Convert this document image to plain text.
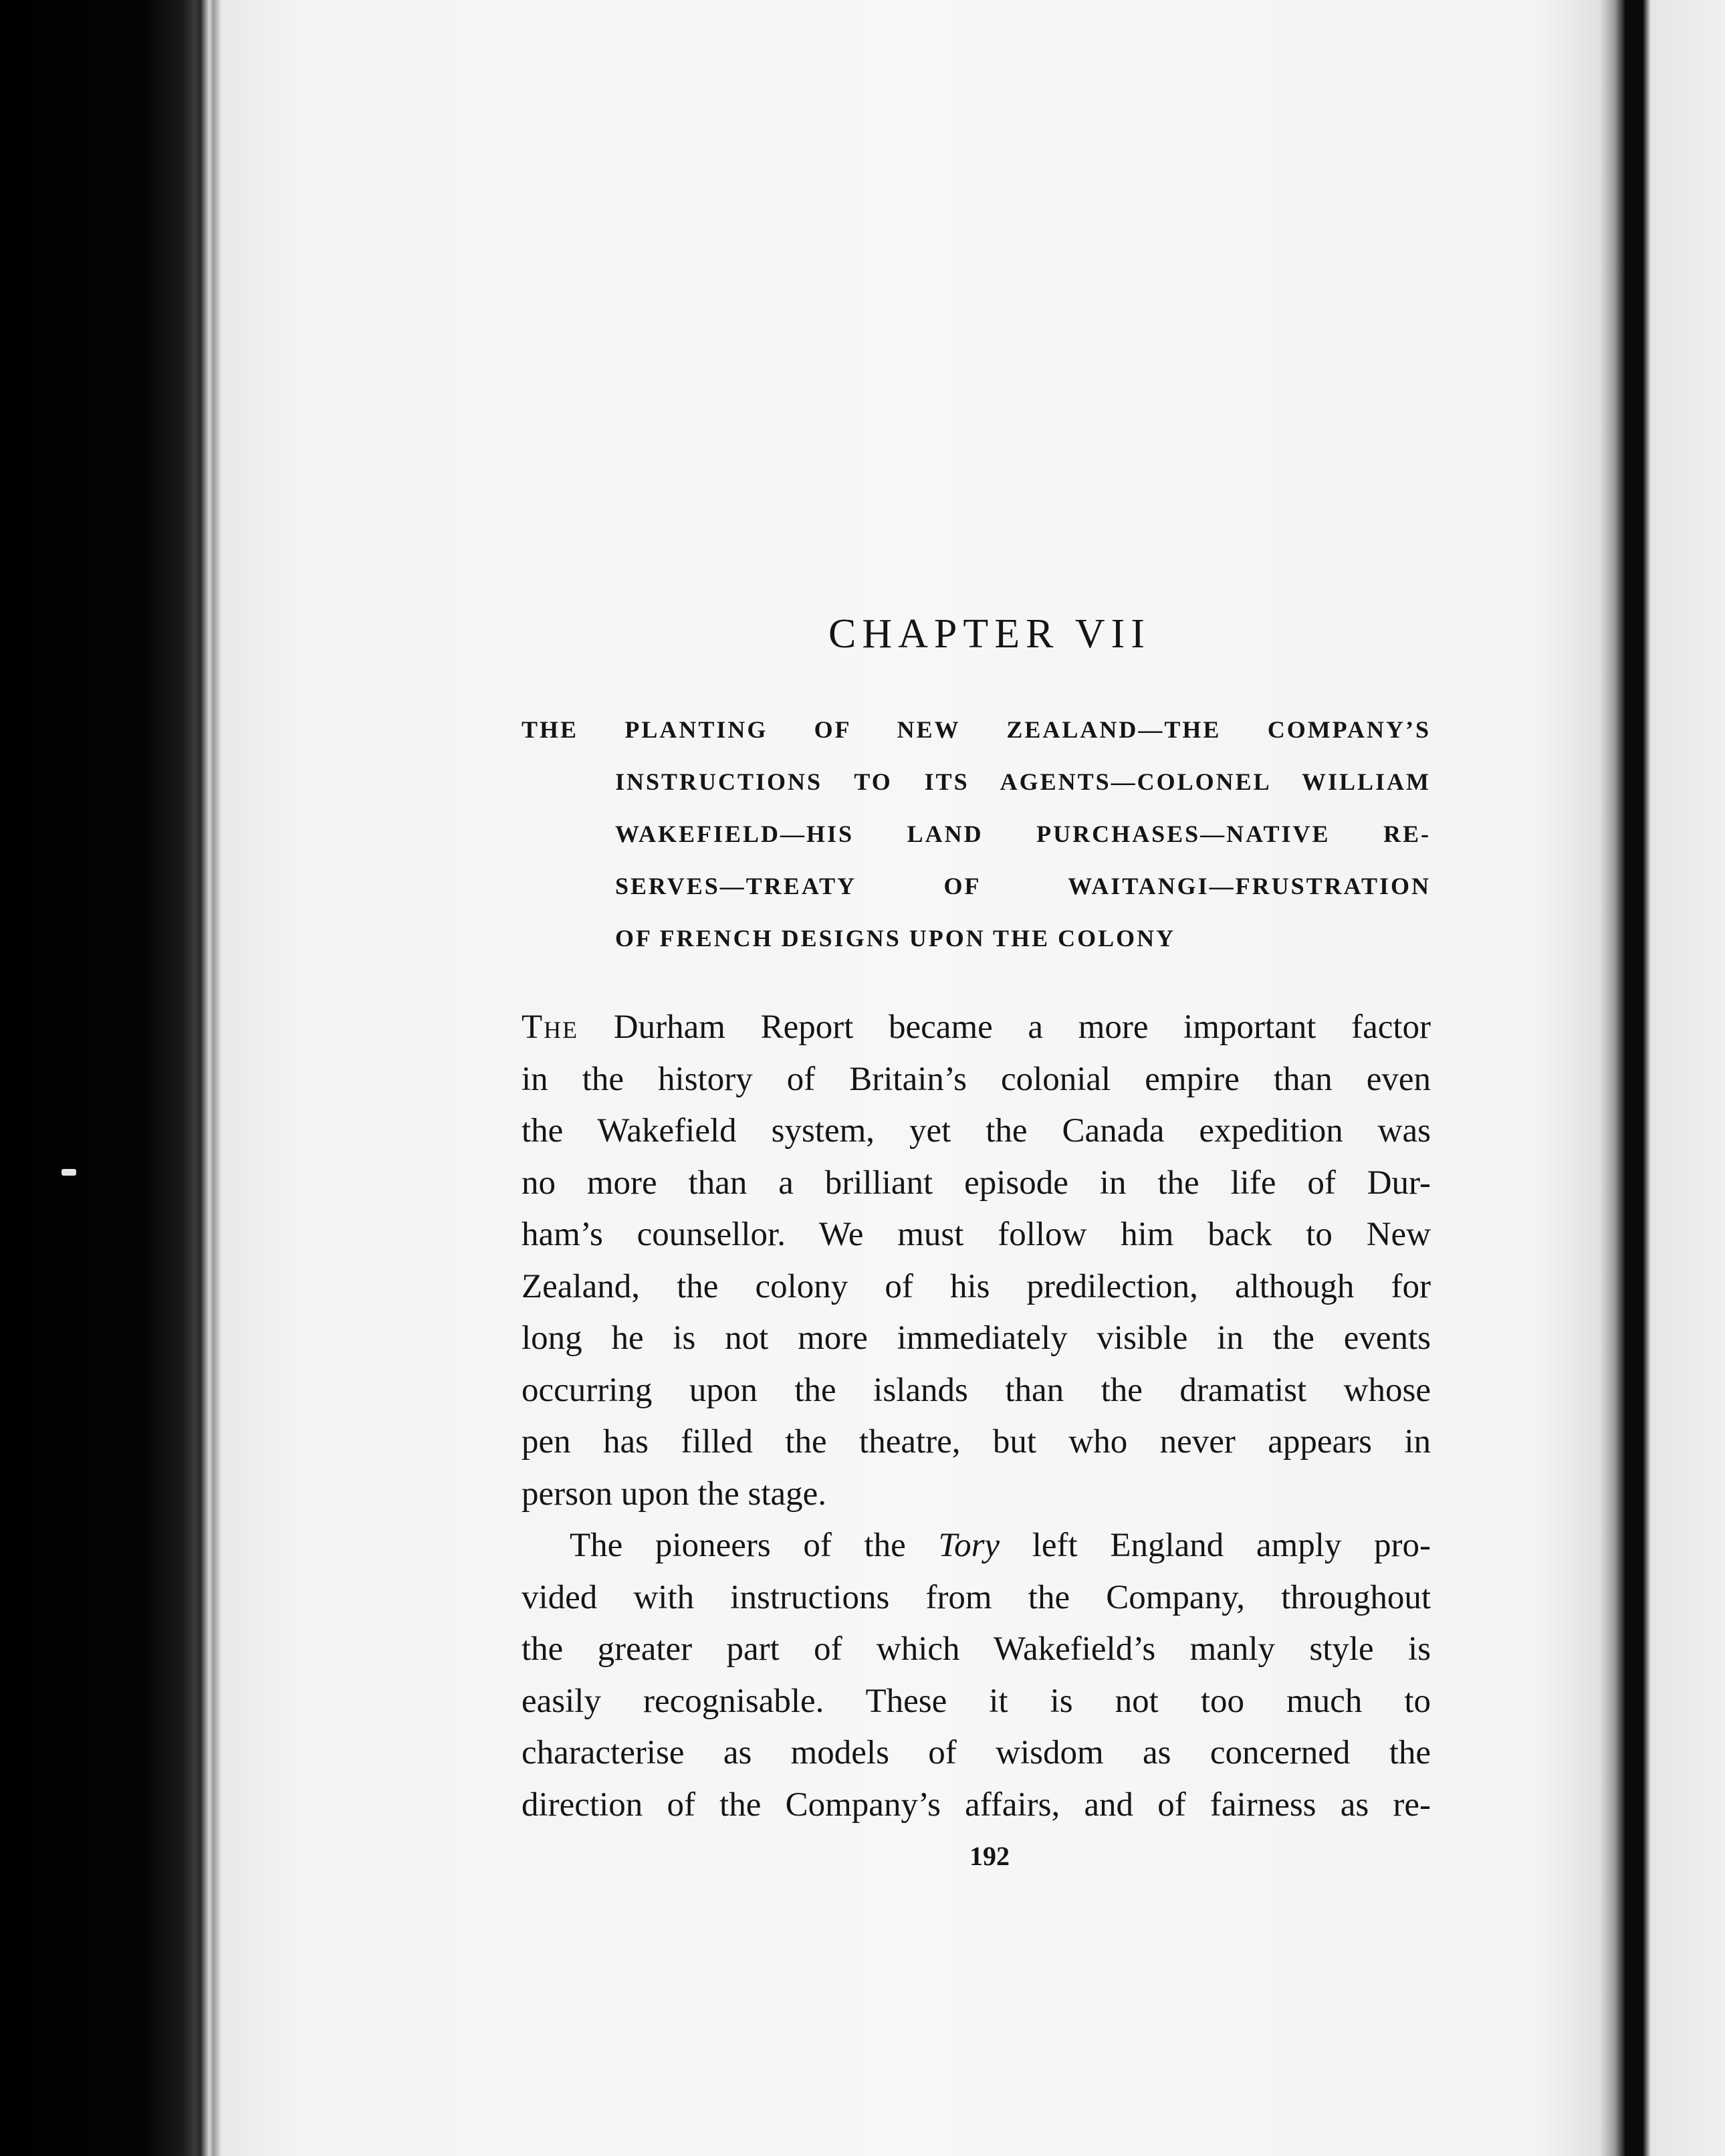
CHAPTER VII
THE PLANTING OF NEW ZEALAND—THE COMPANY’S
INSTRUCTIONS TO ITS AGENTS—COLONEL WILLIAM
WAKEFIELD—HIS LAND PURCHASES—NATIVE RE-
SERVES—TREATY OF WAITANGI—FRUSTRATION
OF FRENCH DESIGNS UPON THE COLONY
The Durham Report became a more important factor
in the history of Britain’s colonial empire than even
the Wakefield system, yet the Canada expedition was
no more than a brilliant episode in the life of Dur-
ham’s counsellor. We must follow him back to New
Zealand, the colony of his predilection, although for
long he is not more immediately visible in the events
occurring upon the islands than the dramatist whose
pen has filled the theatre, but who never appears in
person upon the stage.
The pioneers of the Tory left England amply pro-
vided with instructions from the Company, throughout
the greater part of which Wakefield’s manly style is
easily recognisable. These it is not too much to
characterise as models of wisdom as concerned the
direction of the Company’s affairs, and of fairness as re-
192
